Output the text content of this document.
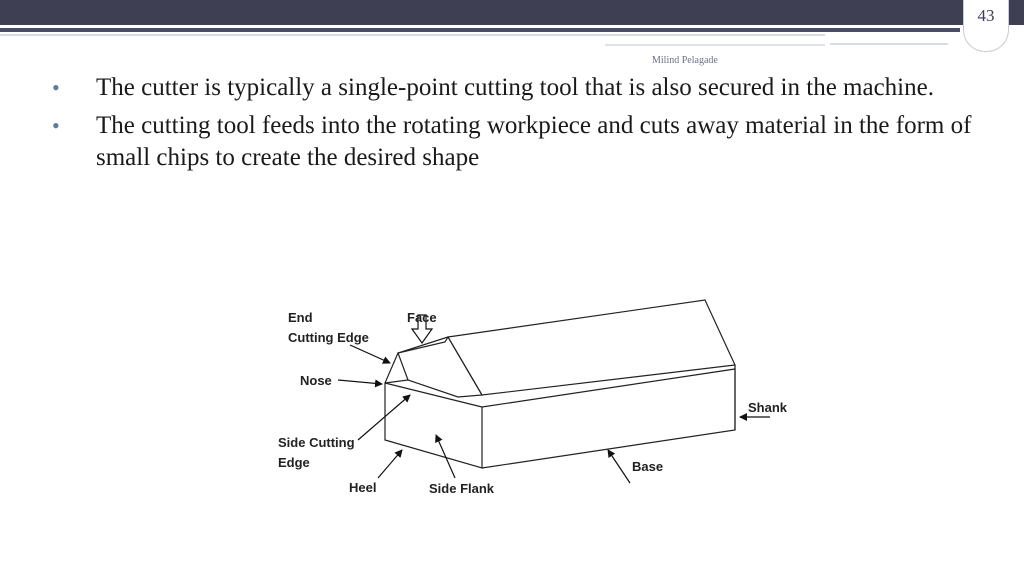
43
Milind Pelagade
• The cutter is typically a single-point cutting tool that is also secured in the machine.
• The cutting tool feeds into the rotating workpiece and cuts away material in the form of small chips to create the desired shape
End
Cutting Edge
Face
Nose
Side Cutting
Edge
Heel	Side Flank
Shank
Base
